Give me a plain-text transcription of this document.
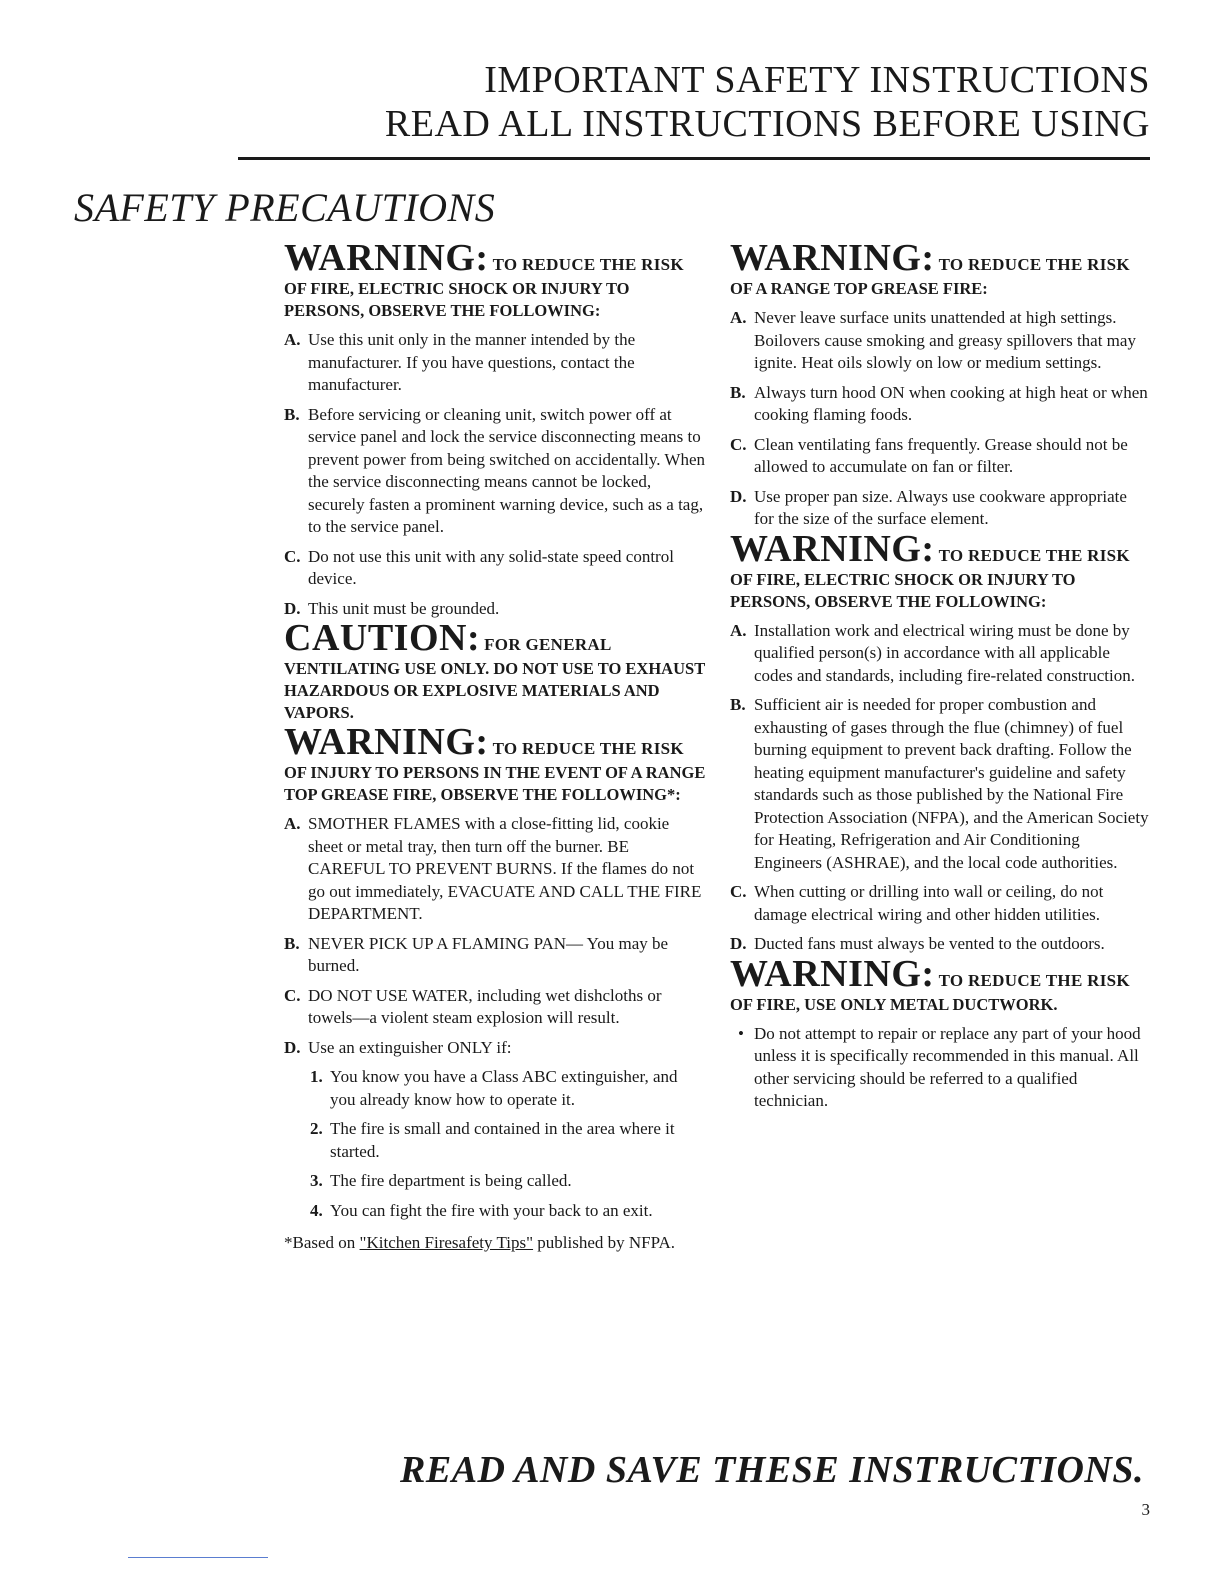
IMPORTANT SAFETY INSTRUCTIONS
READ ALL INSTRUCTIONS BEFORE USING
SAFETY PRECAUTIONS
WARNING: TO REDUCE THE RISK
OF FIRE, ELECTRIC SHOCK OR INJURY TO PERSONS, OBSERVE THE FOLLOWING:
A. Use this unit only in the manner intended by the manufacturer. If you have questions, contact the manufacturer.
B. Before servicing or cleaning unit, switch power off at service panel and lock the service disconnecting means to prevent power from being switched on accidentally. When the service disconnecting means cannot be locked, securely fasten a prominent warning device, such as a tag, to the service panel.
C. Do not use this unit with any solid-state speed control device.
D. This unit must be grounded.
CAUTION: FOR GENERAL
VENTILATING USE ONLY. DO NOT USE TO EXHAUST HAZARDOUS OR EXPLOSIVE MATERIALS AND VAPORS.
WARNING: TO REDUCE THE RISK
OF INJURY TO PERSONS IN THE EVENT OF A RANGE TOP GREASE FIRE, OBSERVE THE FOLLOWING*:
A. SMOTHER FLAMES with a close-fitting lid, cookie sheet or metal tray, then turn off the burner. BE CAREFUL TO PREVENT BURNS. If the flames do not go out immediately, EVACUATE AND CALL THE FIRE DEPARTMENT.
B. NEVER PICK UP A FLAMING PAN— You may be burned.
C. DO NOT USE WATER, including wet dishcloths or towels—a violent steam explosion will result.
D. Use an extinguisher ONLY if:
1. You know you have a Class ABC extinguisher, and you already know how to operate it.
2. The fire is small and contained in the area where it started.
3. The fire department is being called.
4. You can fight the fire with your back to an exit.
*Based on "Kitchen Firesafety Tips" published by NFPA.
WARNING: TO REDUCE THE RISK
OF A RANGE TOP GREASE FIRE:
A. Never leave surface units unattended at high settings. Boilovers cause smoking and greasy spillovers that may ignite. Heat oils slowly on low or medium settings.
B. Always turn hood ON when cooking at high heat or when cooking flaming foods.
C. Clean ventilating fans frequently. Grease should not be allowed to accumulate on fan or filter.
D. Use proper pan size. Always use cookware appropriate for the size of the surface element.
WARNING: TO REDUCE THE RISK
OF FIRE, ELECTRIC SHOCK OR INJURY TO PERSONS, OBSERVE THE FOLLOWING:
A. Installation work and electrical wiring must be done by qualified person(s) in accordance with all applicable codes and standards, including fire-related construction.
B. Sufficient air is needed for proper combustion and exhausting of gases through the flue (chimney) of fuel burning equipment to prevent back drafting. Follow the heating equipment manufacturer's guideline and safety standards such as those published by the National Fire Protection Association (NFPA), and the American Society for Heating, Refrigeration and Air Conditioning Engineers (ASHRAE), and the local code authorities.
C. When cutting or drilling into wall or ceiling, do not damage electrical wiring and other hidden utilities.
D. Ducted fans must always be vented to the outdoors.
WARNING: TO REDUCE THE RISK
OF FIRE, USE ONLY METAL DUCTWORK.
• Do not attempt to repair or replace any part of your hood unless it is specifically recommended in this manual. All other servicing should be referred to a qualified technician.
READ AND SAVE THESE INSTRUCTIONS.
3
